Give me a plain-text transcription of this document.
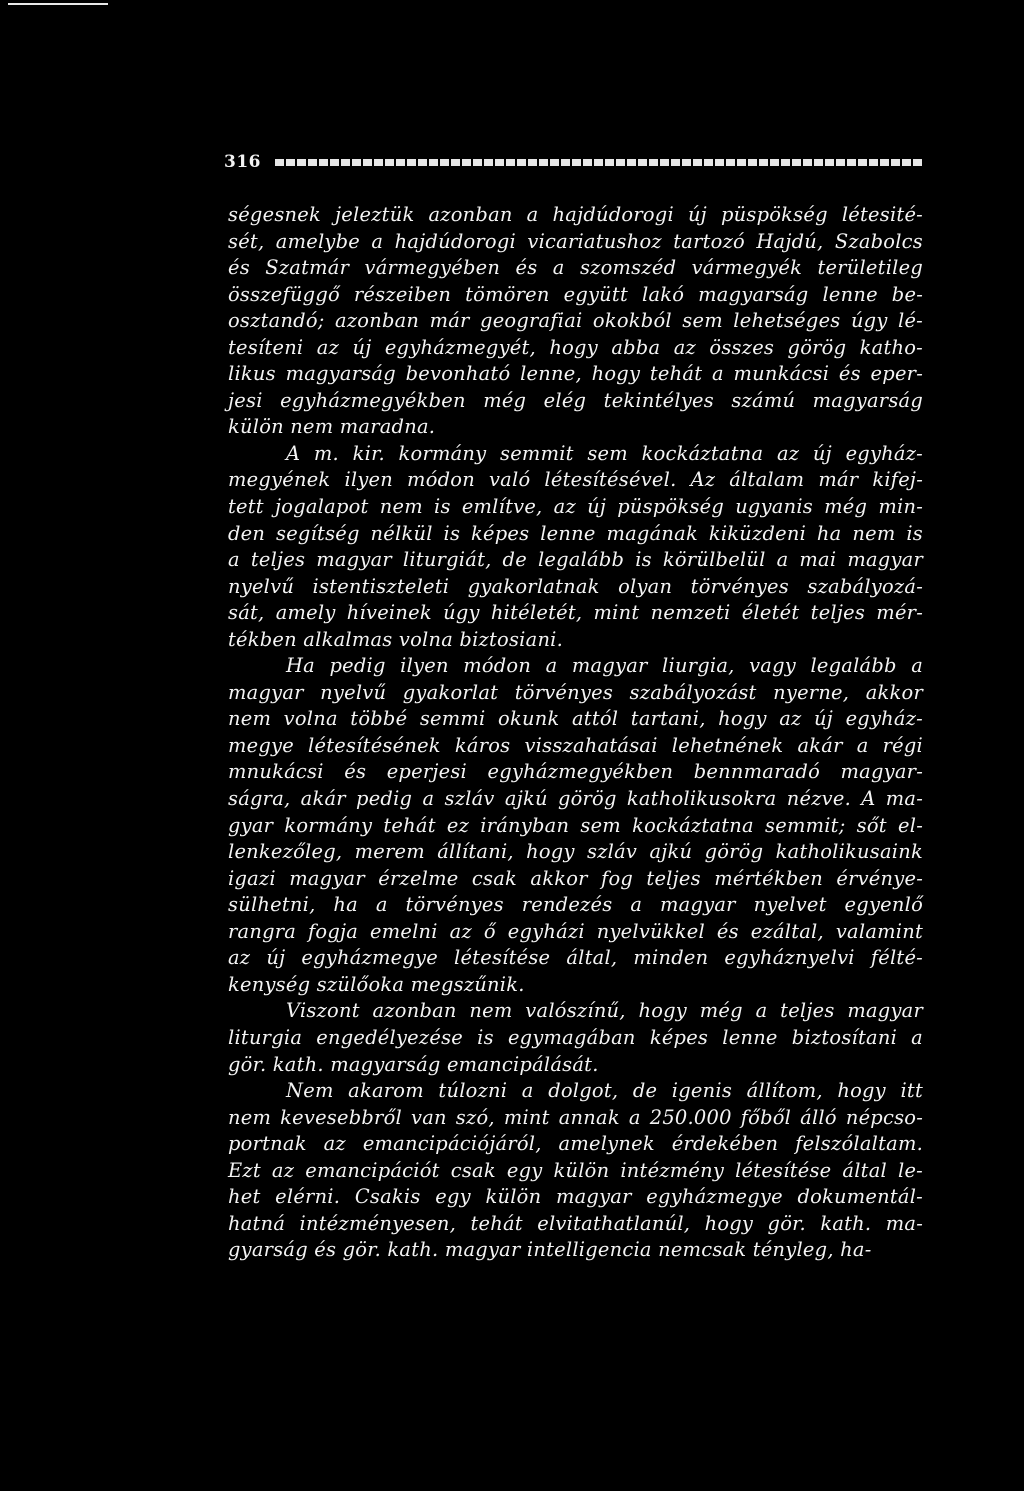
316

ségesnek jeleztük azonban a hajdúdorogi új püspökség létesité-
sét, amelybe a hajdúdorogi vicariatushoz tartozó Hajdú, Szabolcs
és Szatmár vármegyében és a szomszéd vármegyék területileg
összefüggő részeiben tömören együtt lakó magyarság lenne be-
osztandó; azonban már geografiai okokból sem lehetséges úgy lé-
tesíteni az új egyházmegyét, hogy abba az összes görög katho-
likus magyarság bevonható lenne, hogy tehát a munkácsi és eper-
jesi egyházmegyékben még elég tekintélyes számú magyarság
külön nem maradna.

A m. kir. kormány semmit sem kockáztatna az új egyház-
megyének ilyen módon való létesítésével. Az általam már kifej-
tett jogalapot nem is említve, az új püspökség ugyanis még min-
den segítség nélkül is képes lenne magának kiküzdeni ha nem is
a teljes magyar liturgiát, de legalább is körülbelül a mai magyar
nyelvű istentiszteleti gyakorlatnak olyan törvényes szabályozá-
sát, amely híveinek úgy hitéletét, mint nemzeti életét teljes mér-
tékben alkalmas volna biztosiani.

Ha pedig ilyen módon a magyar liurgia, vagy legalább a
magyar nyelvű gyakorlat törvényes szabályozást nyerne, akkor
nem volna többé semmi okunk attól tartani, hogy az új egyház-
megye létesítésének káros visszahatásai lehetnének akár a régi
mnukácsi és eperjesi egyházmegyékben bennmaradó magyar-
ságra, akár pedig a szláv ajkú görög katholikusokra nézve. A ma-
gyar kormány tehát ez irányban sem kockáztatna semmit; sőt el-
lenkezőleg, merem állítani, hogy szláv ajkú görög katholikusaink
igazi magyar érzelme csak akkor fog teljes mértékben érvénye-
sülhetni, ha a törvényes rendezés a magyar nyelvet egyenlő
rangra fogja emelni az ő egyházi nyelvükkel és ezáltal, valamint
az új egyházmegye létesítése által, minden egyháznyelvi félté-
kenység szülőoka megszűnik.

Viszont azonban nem valószínű, hogy még a teljes magyar
liturgia engedélyezése is egymagában képes lenne biztosítani a
gör. kath. magyarság emancipálását.

Nem akarom túlozni a dolgot, de igenis állítom, hogy itt
nem kevesebbről van szó, mint annak a 250.000 főből álló népcso-
portnak az emancipációjáról, amelynek érdekében felszólaltam.
Ezt az emancipációt csak egy külön intézmény létesítése által le-
het elérni. Csakis egy külön magyar egyházmegye dokumentál-
hatná intézményesen, tehát elvitathatlanúl, hogy gör. kath. ma-
gyarság és gör. kath. magyar intelligencia nemcsak tényleg, ha-
